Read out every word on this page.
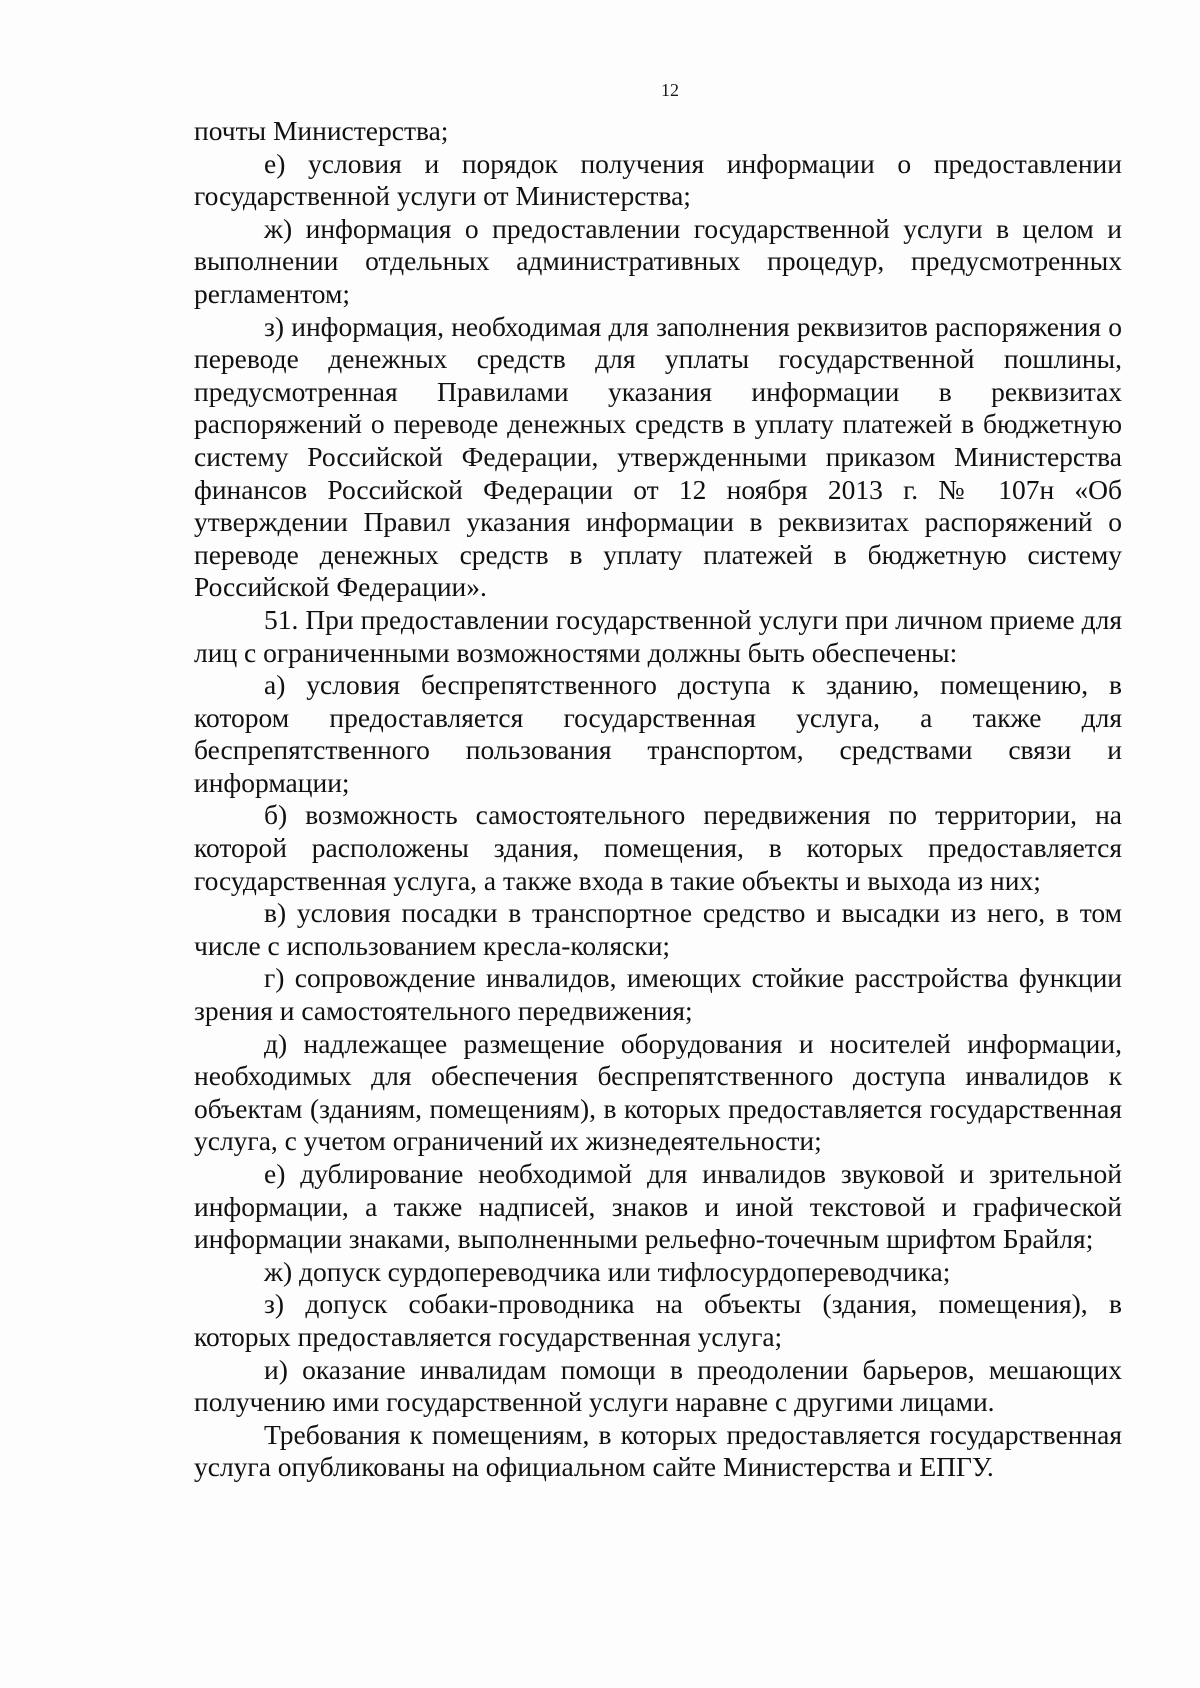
12

почты Министерства;

е) условия и порядок получения информации о предоставлении государственной услуги от Министерства;

ж) информация о предоставлении государственной услуги в целом и выполнении отдельных административных процедур, предусмотренных регламентом;

з) информация, необходимая для заполнения реквизитов распоряжения о переводе денежных средств для уплаты государственной пошлины, предусмотренная Правилами указания информации в реквизитах распоряжений о переводе денежных средств в уплату платежей в бюджетную систему Российской Федерации, утвержденными приказом Министерства финансов Российской Федерации от 12 ноября 2013 г. № 107н «Об утверждении Правил указания информации в реквизитах распоряжений о переводе денежных средств в уплату платежей в бюджетную систему Российской Федерации».

51. При предоставлении государственной услуги при личном приеме для лиц с ограниченными возможностями должны быть обеспечены:

а) условия беспрепятственного доступа к зданию, помещению, в котором предоставляется государственная услуга, а также для беспрепятственного пользования транспортом, средствами связи и информации;

б) возможность самостоятельного передвижения по территории, на которой расположены здания, помещения, в которых предоставляется государственная услуга, а также входа в такие объекты и выхода из них;

в) условия посадки в транспортное средство и высадки из него, в том числе с использованием кресла-коляски;

г) сопровождение инвалидов, имеющих стойкие расстройства функции зрения и самостоятельного передвижения;

д) надлежащее размещение оборудования и носителей информации, необходимых для обеспечения беспрепятственного доступа инвалидов к объектам (зданиям, помещениям), в которых предоставляется государственная услуга, с учетом ограничений их жизнедеятельности;

е) дублирование необходимой для инвалидов звуковой и зрительной информации, а также надписей, знаков и иной текстовой и графической информации знаками, выполненными рельефно-точечным шрифтом Брайля;

ж) допуск сурдопереводчика или тифлосурдопереводчика;

з) допуск собаки-проводника на объекты (здания, помещения), в которых предоставляется государственная услуга;

и) оказание инвалидам помощи в преодолении барьеров, мешающих получению ими государственной услуги наравне с другими лицами.

Требования к помещениям, в которых предоставляется государственная услуга опубликованы на официальном сайте Министерства и ЕПГУ.
